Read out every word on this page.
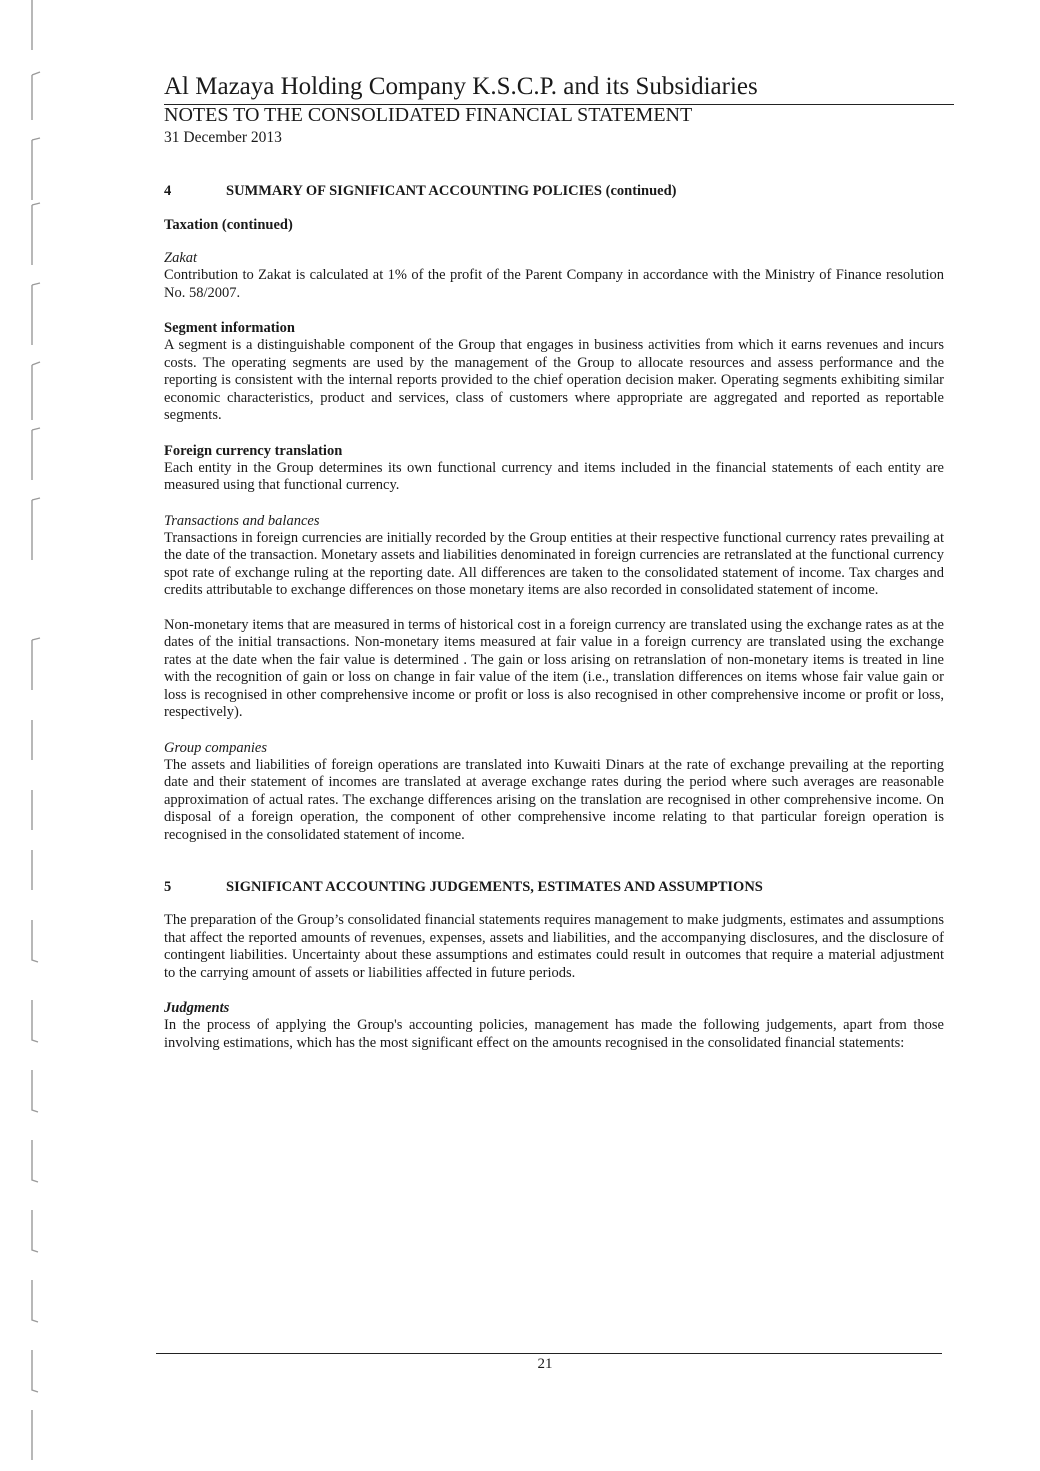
Al Mazaya Holding Company K.S.C.P. and its Subsidiaries
NOTES TO THE CONSOLIDATED FINANCIAL STATEMENT
31 December 2013
4	SUMMARY OF SIGNIFICANT ACCOUNTING POLICIES (continued)
Taxation (continued)
Zakat

Contribution to Zakat is calculated at 1% of the profit of the Parent Company in accordance with the Ministry of Finance resolution No. 58/2007.

Segment information

A segment is a distinguishable component of the Group that engages in business activities from which it earns revenues and incurs costs. The operating segments are used by the management of the Group to allocate resources and assess performance and the reporting is consistent with the internal reports provided to the chief operation decision maker. Operating segments exhibiting similar economic characteristics, product and services, class of customers where appropriate are aggregated and reported as reportable segments.

Foreign currency translation

Each entity in the Group determines its own functional currency and items included in the financial statements of each entity are measured using that functional currency.

Transactions and balances

Transactions in foreign currencies are initially recorded by the Group entities at their respective functional currency rates prevailing at the date of the transaction. Monetary assets and liabilities denominated in foreign currencies are retranslated at the functional currency spot rate of exchange ruling at the reporting date. All differences are taken to the consolidated statement of income. Tax charges and credits attributable to exchange differences on those monetary items are also recorded in consolidated statement of income.

Non-monetary items that are measured in terms of historical cost in a foreign currency are translated using the exchange rates as at the dates of the initial transactions. Non-monetary items measured at fair value in a foreign currency are translated using the exchange rates at the date when the fair value is determined . The gain or loss arising on retranslation of non-monetary items is treated in line with the recognition of gain or loss on change in fair value of the item (i.e., translation differences on items whose fair value gain or loss is recognised in other comprehensive income or profit or loss is also recognised in other comprehensive income or profit or loss, respectively).

Group companies

The assets and liabilities of foreign operations are translated into Kuwaiti Dinars at the rate of exchange prevailing at the reporting date and their statement of incomes are translated at average exchange rates during the period where such averages are reasonable approximation of actual rates. The exchange differences arising on the translation are recognised in other comprehensive income. On disposal of a foreign operation, the component of other comprehensive income relating to that particular foreign operation is recognised in the consolidated statement of income.

5	SIGNIFICANT ACCOUNTING JUDGEMENTS, ESTIMATES AND ASSUMPTIONS

The preparation of the Group’s consolidated financial statements requires management to make judgments, estimates and assumptions that affect the reported amounts of revenues, expenses, assets and liabilities, and the accompanying disclosures, and the disclosure of contingent liabilities. Uncertainty about these assumptions and estimates could result in outcomes that require a material adjustment to the carrying amount of assets or liabilities affected in future periods.

Judgments

In the process of applying the Group's accounting policies, management has made the following judgements, apart from those involving estimations, which has the most significant effect on the amounts recognised in the consolidated financial statements:

21
